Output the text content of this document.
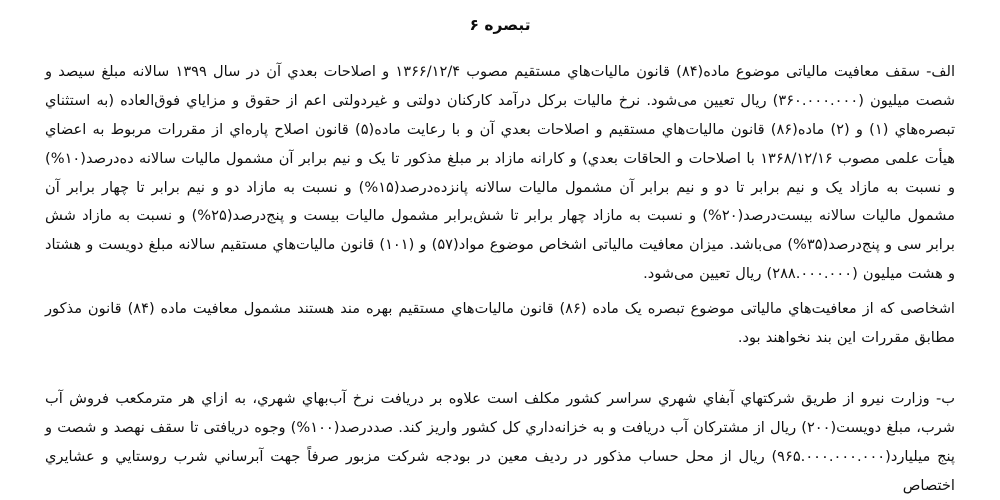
تبصره ۶

الف- سقف معافیت مالیاتی موضوع ماده(۸۴) قانون مالیات‌هاي مستقیم مصوب ۱۳۶۶/۱۲/۴ و اصلاحات بعدي آن در سال ۱۳۹۹ سالانه مبلغ سیصد و شصت میلیون (۳۶۰.۰۰۰.۰۰۰) ریال تعیین می‌شود. نرخ مالیات برکل درآمد کارکنان دولتی و غیردولتی اعم از حقوق و مزایاي فوق‌العاده (به استثناي تبصره‌هاي (۱) و (۲) ماده(۸۶) قانون مالیات‌هاي مستقیم و اصلاحات بعدي آن و با رعایت ماده(۵) قانون اصلاح پاره‌اي از مقررات مربوط به اعضاي هیأت علمی مصوب ۱۳۶۸/۱۲/۱۶ با اصلاحات و الحاقات بعدي) و کارانه مازاد بر مبلغ مذکور تا یک و نیم برابر آن مشمول مالیات سالانه ده‌درصد(۱۰%) و نسبت به مازاد یک و نیم برابر تا دو و نیم برابر آن مشمول مالیات سالانه پانزده‌درصد(۱۵%) و نسبت به مازاد دو و نیم برابر تا چهار برابر آن مشمول مالیات سالانه بیست‌درصد(۲۰%) و نسبت به مازاد چهار برابر تا شش‌برابر مشمول مالیات بیست و پنج‌درصد(۲۵%) و نسبت به مازاد شش برابر سی و پنج‌درصد(۳۵%) می‌باشد. میزان معافیت مالیاتی اشخاص موضوع مواد(۵۷) و (۱۰۱) قانون مالیات‌هاي مستقیم سالانه مبلغ دویست و هشتاد و هشت میلیون (۲۸۸.۰۰۰.۰۰۰) ریال تعیین می‌شود.

اشخاصی که از معافیت‌هاي مالیاتی موضوع تبصره یک ماده (۸۶) قانون مالیات‌هاي مستقیم بهره مند هستند مشمول معافیت ماده (۸۴) قانون مذکور مطابق مقررات این بند نخواهند بود.

ب- وزارت نیرو از طریق شرکتهاي آبفاي شهري سراسر کشور مکلف است علاوه بر دریافت نرخ آب‌بهاي شهري، به از‌اي هر مترمکعب فروش آب شرب، مبلغ دویست(۲۰۰) ریال از مشترکان آب دریافت و به خزانه‌داري کل کشور واریز کند. صددرصد(۱۰۰%) وجوه دریافتی تا سقف نهصد و شصت و پنج میلیارد(۹۶۵.۰۰۰.۰۰۰.۰۰۰) ریال از محل حساب مذکور در ردیف معین در بودجه شرکت مزبور صرفاً جهت آبرساني شرب روستايي و عشايري اختصاص
